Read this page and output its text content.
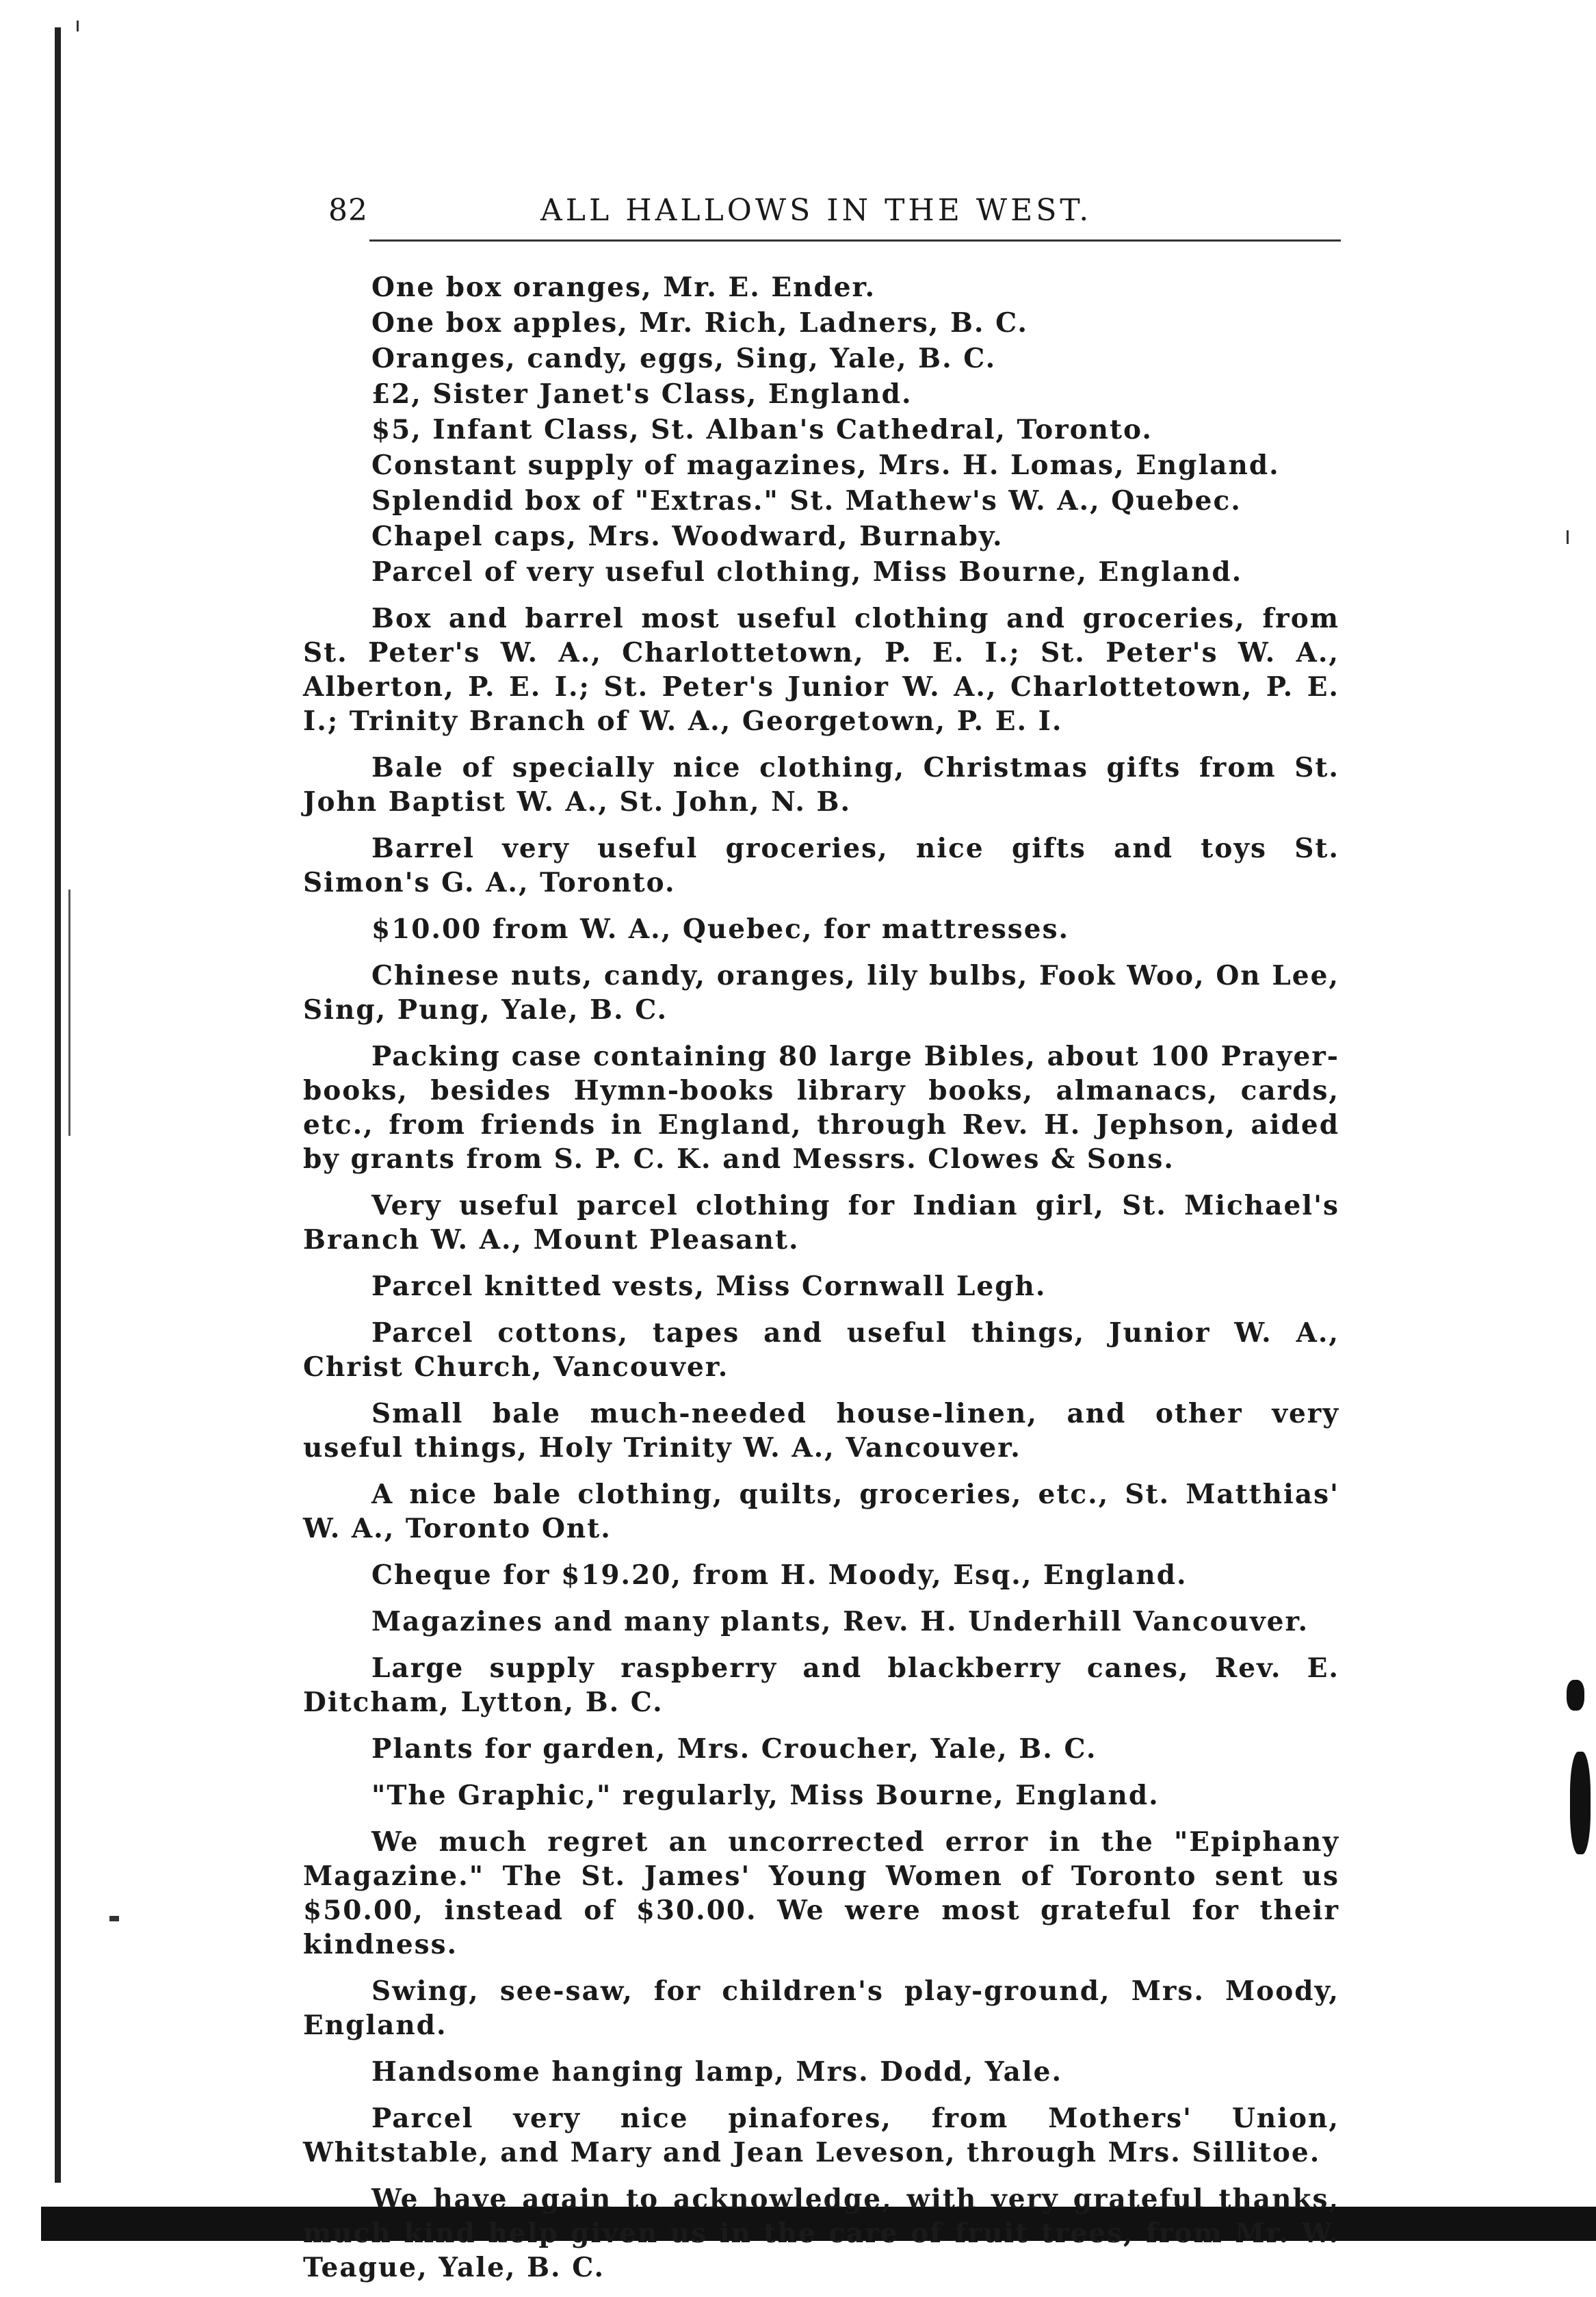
82	ALL HALLOWS IN THE WEST.

One box oranges, Mr. E. Ender.

One box apples, Mr. Rich, Ladners, B. C.

Oranges, candy, eggs, Sing, Yale, B. C.

£2, Sister Janet's Class, England.

$5, Infant Class, St. Alban's Cathedral, Toronto.

Constant supply of magazines, Mrs. H. Lomas, England.

Splendid box of "Extras." St. Mathew's W. A., Quebec.

Chapel caps, Mrs. Woodward, Burnaby.

Parcel of very useful clothing, Miss Bourne, England.

Box and barrel most useful clothing and groceries, from St. Peter's W. A., Charlottetown, P. E. I.; St. Peter's W. A., Alberton, P. E. I.; St. Peter's Junior W. A., Charlottetown, P. E. I.; Trinity Branch of W. A., Georgetown, P. E. I.

Bale of specially nice clothing, Christmas gifts from St. John Baptist W. A., St. John, N. B.

Barrel very useful groceries, nice gifts and toys St. Simon's G. A., Toronto.

$10.00 from W. A., Quebec, for mattresses.

Chinese nuts, candy, oranges, lily bulbs, Fook Woo, On Lee, Sing, Pung, Yale, B. C.

Packing case containing 80 large Bibles, about 100 Prayer-books, besides Hymn-books library books, almanacs, cards, etc., from friends in England, through Rev. H. Jephson, aided by grants from S. P. C. K. and Messrs. Clowes & Sons.

Very useful parcel clothing for Indian girl, St. Michael's Branch W. A., Mount Pleasant.

Parcel knitted vests, Miss Cornwall Legh.

Parcel cottons, tapes and useful things, Junior W. A., Christ Church, Vancouver.

Small bale much-needed house-linen, and other very useful things, Holy Trinity W. A., Vancouver.

A nice bale clothing, quilts, groceries, etc., St. Matthias' W. A., Toronto Ont.

Cheque for $19.20, from H. Moody, Esq., England.

Magazines and many plants, Rev. H. Underhill Vancouver.

Large supply raspberry and blackberry canes, Rev. E. Ditcham, Lytton, B. C.

Plants for garden, Mrs. Croucher, Yale, B. C.

"The Graphic," regularly, Miss Bourne, England.

We much regret an uncorrected error in the "Epiphany Magazine." The St. James' Young Women of Toronto sent us $50.00, instead of $30.00. We were most grateful for their kindness.

Swing, see-saw, for children's play-ground, Mrs. Moody, England.

Handsome hanging lamp, Mrs. Dodd, Yale.

Parcel very nice pinafores, from Mothers' Union, Whitstable, and Mary and Jean Leveson, through Mrs. Sillitoe.

We have again to acknowledge, with very grateful thanks, much kind help given us in the care of fruit trees, from Mr. W. Teague, Yale, B. C.
